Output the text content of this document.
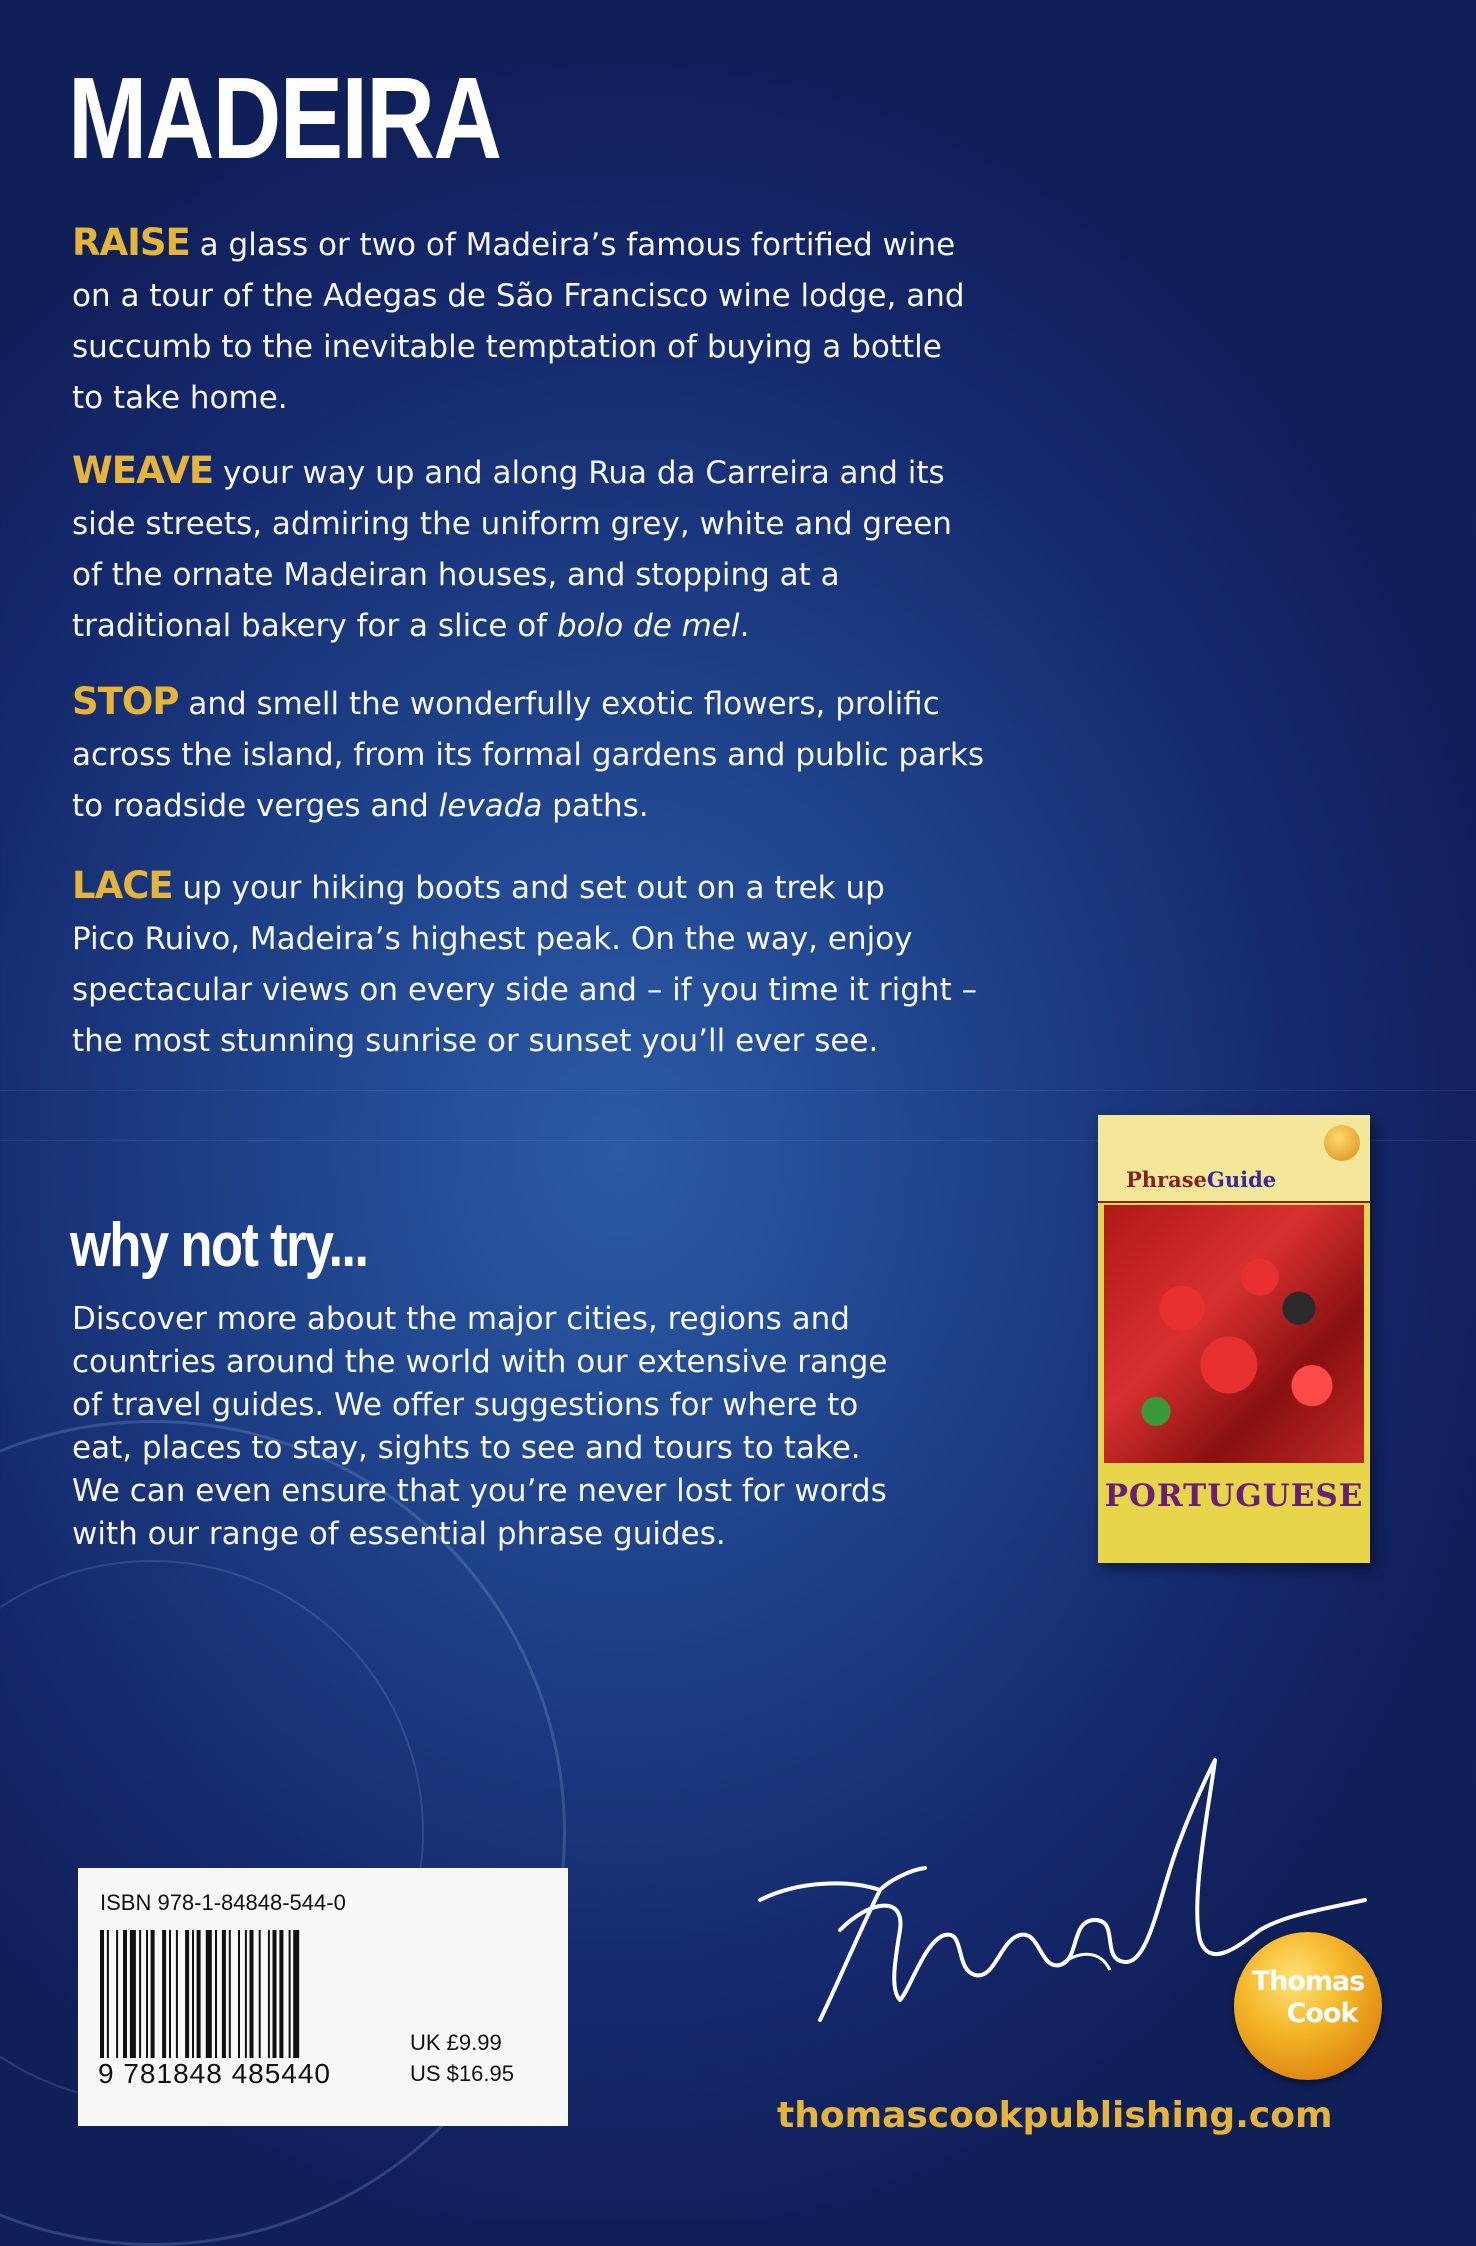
MADEIRA
RAISE a glass or two of Madeira’s famous fortified wine
on a tour of the Adegas de São Francisco wine lodge, and
succumb to the inevitable temptation of buying a bottle
to take home.
WEAVE your way up and along Rua da Carreira and its
side streets, admiring the uniform grey, white and green
of the ornate Madeiran houses, and stopping at a
traditional bakery for a slice of bolo de mel.
STOP and smell the wonderfully exotic flowers, prolific
across the island, from its formal gardens and public parks
to roadside verges and levada paths.
LACE up your hiking boots and set out on a trek up
Pico Ruivo, Madeira’s highest peak. On the way, enjoy
spectacular views on every side and – if you time it right –
the most stunning sunrise or sunset you’ll ever see.
why not try...
Discover more about the major cities, regions and
countries around the world with our extensive range
of travel guides. We offer suggestions for where to
eat, places to stay, sights to see and tours to take.
We can even ensure that you’re never lost for words
with our range of essential phrase guides.
PhraseGuide
PORTUGUESE
ISBN 978-1-84848-544-0
9 781848 485440
UK £9.99
US $16.95
Thomas
Cook
thomascookpublishing.com
